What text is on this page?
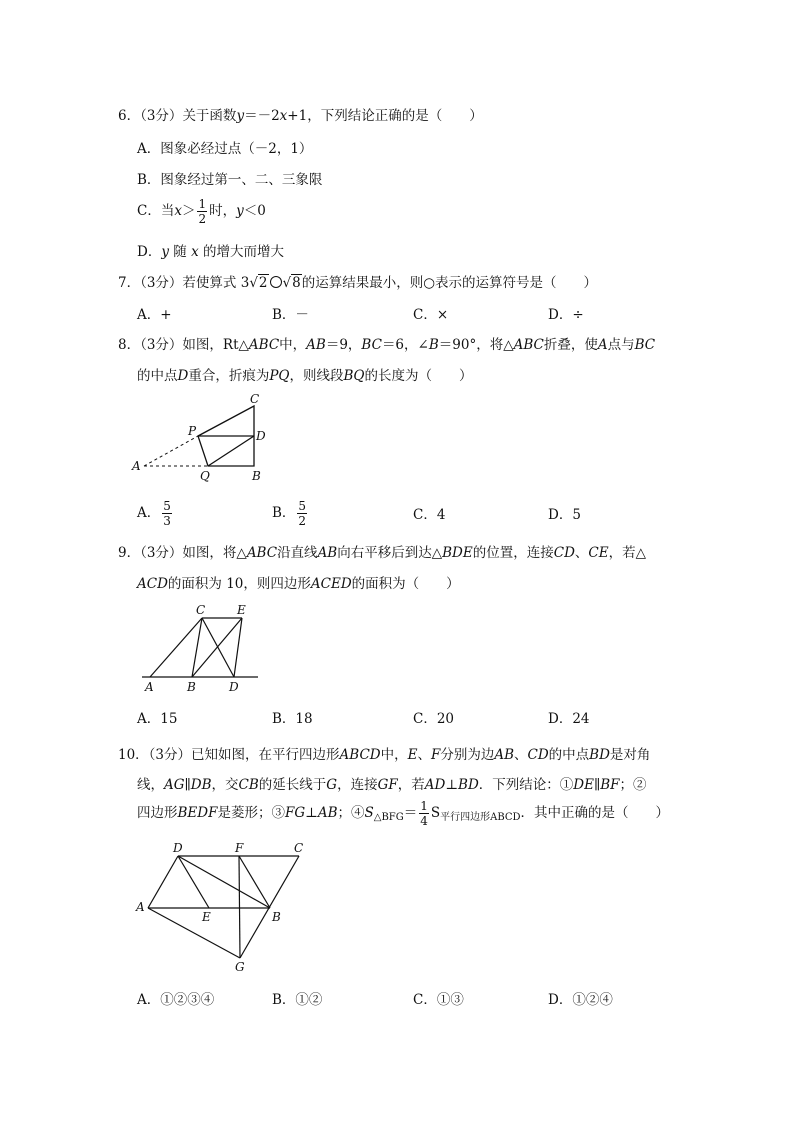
6．（3分）关于函数y＝－2x+1，下列结论正确的是（　　）
A．图象必经过点（－2，1）
B．图象经过第一、二、三象限
C．当$x> \frac{1}{2}$ 时，y＜0
D．y 随 x 的增大而增大
7．（3分）若使算式 3√2 √8的运算结果最小，则○表示的运算符号是（　　）
A．+	B．－	C．×	D．÷
8．（3分）如图，Rt△ABC中，AB＝9，BC＝6，∠B＝90°，将△ABC折叠，使A点与BC
的中点D重合，折痕为PQ，则线段BQ的长度为（　　）
A
B
C
D
P
Q
A． $\frac{5}{3}$	B． $\frac{5}{2}$	C．4	D．5
9．（3分）如图，将△ABC沿直线AB向右平移后到达△BDE的位置，连接CD、CE，若△
ACD的面积为 10，则四边形ACED的面积为（　　）
A	B
C
D
E
A．15	B．18	C．20	D．24
10．（3分）已知如图，在平行四边形ABCD中，E、F分别为边AB、CD的中点BD是对角
线，AG∥DB，交CB的延长线于G，连接GF，若AD⊥BD．下列结论：①DE∥BF；②
四边形BEDF是菱形；③FG⊥AB；$④S_{\triangle BFG}= \frac{1}{4} S_{平行四边形ABCD}$．其中正确的是（　　）
A
B
C
D
E
F
G
A．①②③④	B．①②	C．①③	D．①②④
